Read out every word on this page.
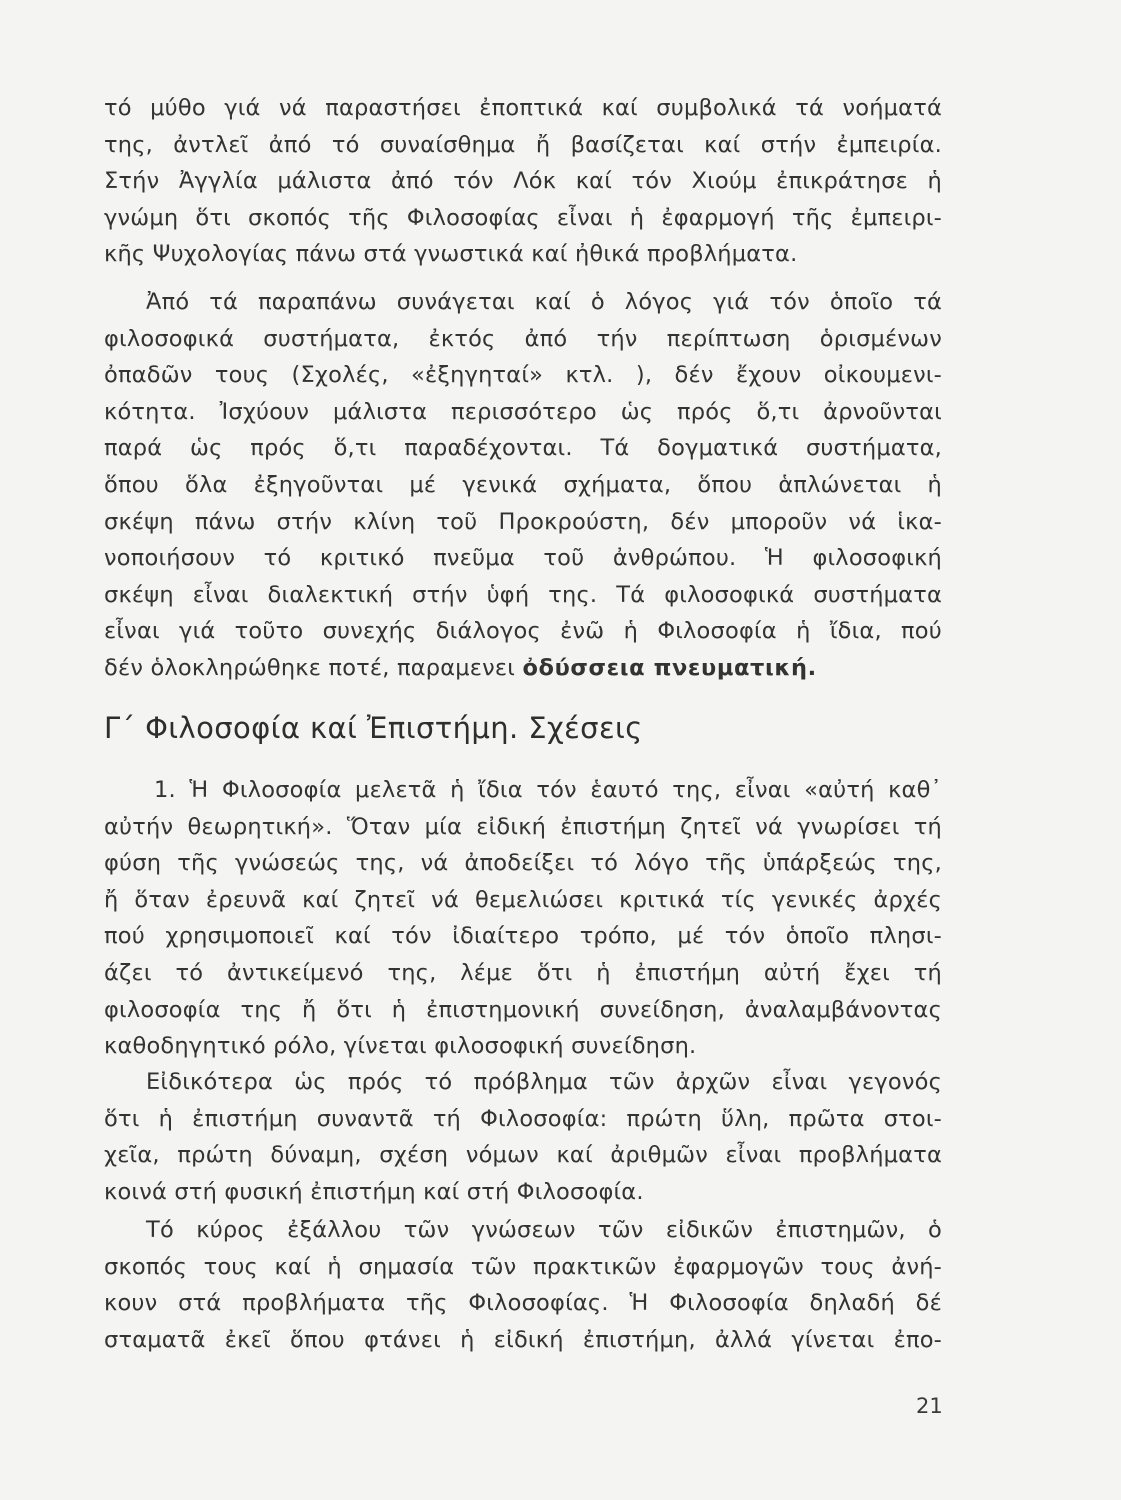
τό μύθο γιά νά παραστήσει ἐποπτικά καί συμβολικά τά νοήματά
της, ἀντλεῖ ἀπό τό συναίσθημα ἤ βασίζεται καί στήν ἐμπειρία.
Στήν Ἀγγλία μάλιστα ἀπό τόν Λόκ καί τόν Χιούμ ἐπικράτησε ἡ
γνώμη ὅτι σκοπός τῆς Φιλοσοφίας εἶναι ἡ ἐφαρμογή τῆς ἐμπειρι-
κῆς Ψυχολογίας πάνω στά γνωστικά καί ἠθικά προβλήματα.
Ἀπό τά παραπάνω συνάγεται καί ὁ λόγος γιά τόν ὁποῖο τά
φιλοσοφικά συστήματα, ἐκτός ἀπό τήν περίπτωση ὁρισμένων
ὀπαδῶν τους (Σχολές, «ἐξηγηταί» κτλ. ), δέν ἔχουν οἰκουμενι-
κότητα. Ἰσχύουν μάλιστα περισσότερο ὡς πρός ὅ,τι ἀρνοῦνται
παρά ὡς πρός ὅ,τι παραδέχονται. Τά δογματικά συστήματα,
ὅπου ὅλα ἐξηγοῦνται μέ γενικά σχήματα, ὅπου ἁπλώνεται ἡ
σκέψη πάνω στήν κλίνη τοῦ Προκρούστη, δέν μποροῦν νά ἱκα-
νοποιήσουν τό κριτικό πνεῦμα τοῦ ἀνθρώπου. Ἡ φιλοσοφική
σκέψη εἶναι διαλεκτική στήν ὑφή της. Τά φιλοσοφικά συστήματα
εἶναι γιά τοῦτο συνεχής διάλογος ἐνῶ ἡ Φιλοσοφία ἡ ἴδια, πού
δέν ὁλοκληρώθηκε ποτέ, παραμενει ὀδύσσεια πνευματική.
Γ΄ Φιλοσοφία καί Ἐπιστήμη. Σχέσεις
1. Ἡ Φιλοσοφία μελετᾶ ἡ ἴδια τόν ἑαυτό της, εἶναι «αὐτή καθ᾽
αὐτήν θεωρητική». Ὅταν μία εἰδική ἐπιστήμη ζητεῖ νά γνωρίσει τή
φύση τῆς γνώσεώς της, νά ἀποδείξει τό λόγο τῆς ὑπάρξεώς της,
ἤ ὅταν ἐρευνᾶ καί ζητεῖ νά θεμελιώσει κριτικά τίς γενικές ἀρχές
πού χρησιμοποιεῖ καί τόν ἰδιαίτερο τρόπο, μέ τόν ὁποῖο πλησι-
άζει τό ἀντικείμενό της, λέμε ὅτι ἡ ἐπιστήμη αὐτή ἔχει τή
φιλοσοφία της ἤ ὅτι ἡ ἐπιστημονική συνείδηση, ἀναλαμβάνοντας
καθοδηγητικό ρόλο, γίνεται φιλοσοφική συνείδηση.
Εἰδικότερα ὡς πρός τό πρόβλημα τῶν ἀρχῶν εἶναι γεγονός
ὅτι ἡ ἐπιστήμη συναντᾶ τή Φιλοσοφία: πρώτη ὕλη, πρῶτα στοι-
χεῖα, πρώτη δύναμη, σχέση νόμων καί ἀριθμῶν εἶναι προβλήματα
κοινά στή φυσική ἐπιστήμη καί στή Φιλοσοφία.
Τό κύρος ἐξάλλου τῶν γνώσεων τῶν εἰδικῶν ἐπιστημῶν, ὁ
σκοπός τους καί ἡ σημασία τῶν πρακτικῶν ἐφαρμογῶν τους ἀνή-
κουν στά προβλήματα τῆς Φιλοσοφίας. Ἡ Φιλοσοφία δηλαδή δέ
σταματᾶ ἐκεῖ ὅπου φτάνει ἡ εἰδική ἐπιστήμη, ἀλλά γίνεται ἐπο-
21
